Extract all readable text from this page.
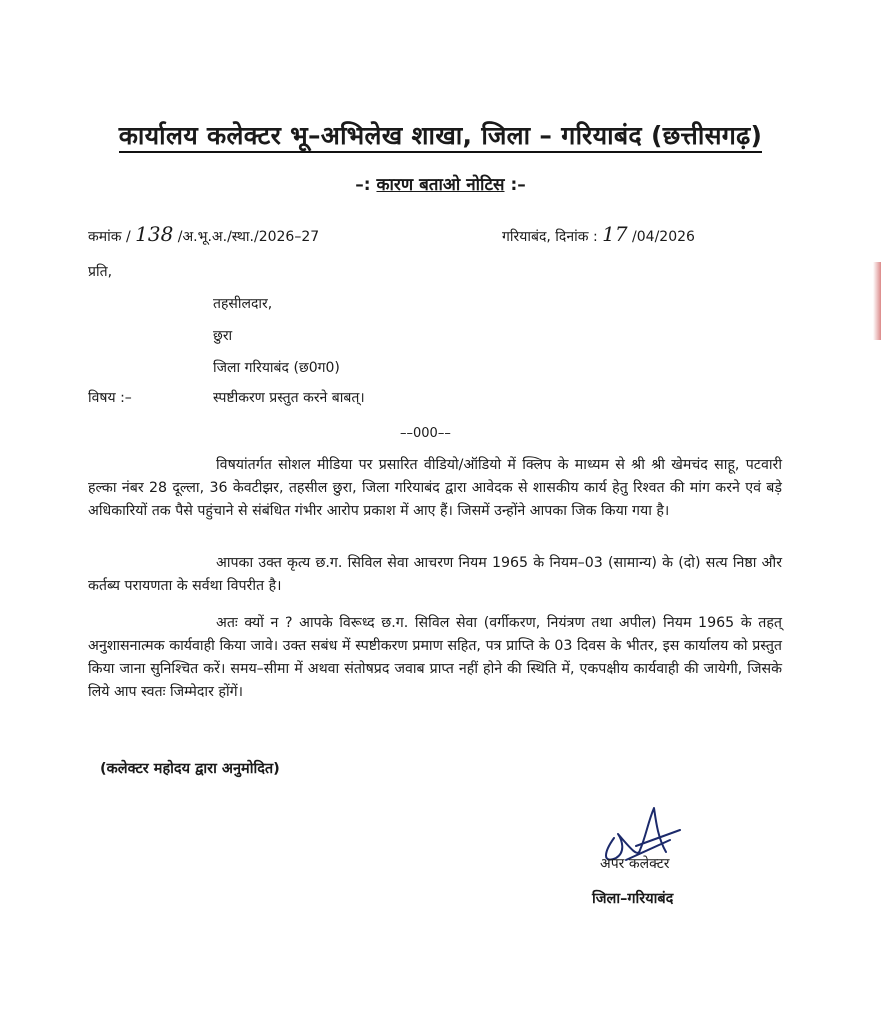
कार्यालय कलेक्टर भू–अभिलेख शाखा, जिला – गरियाबंद (छत्तीसगढ़)
–: कारण बताओ नोटिस :–
कमांक / 138 /अ.भू.अ./स्था./2026–27	गरियाबंद, दिनांक : 17 /04/2026
प्रति,
तहसीलदार,
छुरा
जिला गरियाबंद (छ0ग0)
विषय :–	स्पष्टीकरण प्रस्तुत करने बाबत्।
––000––

विषयांतर्गत सोशल मीडिया पर प्रसारित वीडियो/ऑडियो में क्लिप के माध्यम से श्री श्री खेमचंद साहू, पटवारी हल्का नंबर 28 दूल्ला, 36 केवटीझर, तहसील छुरा, जिला गरियाबंद द्वारा आवेदक से शासकीय कार्य हेतु रिश्वत की मांग करने एवं बड़े अधिकारियों तक पैसे पहुंचाने से संबंधित गंभीर आरोप प्रकाश में आए हैं। जिसमें उन्होंने आपका जिक किया गया है।

आपका उक्त कृत्य छ.ग. सिविल सेवा आचरण नियम 1965 के नियम–03 (सामान्य) के (दो) सत्य निष्ठा और कर्तब्य परायणता के सर्वथा विपरीत है।

अतः क्यों न ? आपके विरूध्द छ.ग. सिविल सेवा (वर्गीकरण, नियंत्रण तथा अपील) नियम 1965 के तहत् अनुशासनात्मक कार्यवाही किया जावे। उक्त सबंध में स्पष्टीकरण प्रमाण सहित, पत्र प्राप्ति के 03 दिवस के भीतर, इस कार्यालय को प्रस्तुत किया जाना सुनिश्चित करें। समय–सीमा में अथवा संतोषप्रद जवाब प्राप्त नहीं होने की स्थिति में, एकपक्षीय कार्यवाही की जायेगी, जिसके लिये आप स्वतः जिम्मेदार होंगें।

(कलेक्टर महोदय द्वारा अनुमोदित)
अपर कलेक्टर
जिला–गरियाबंद
